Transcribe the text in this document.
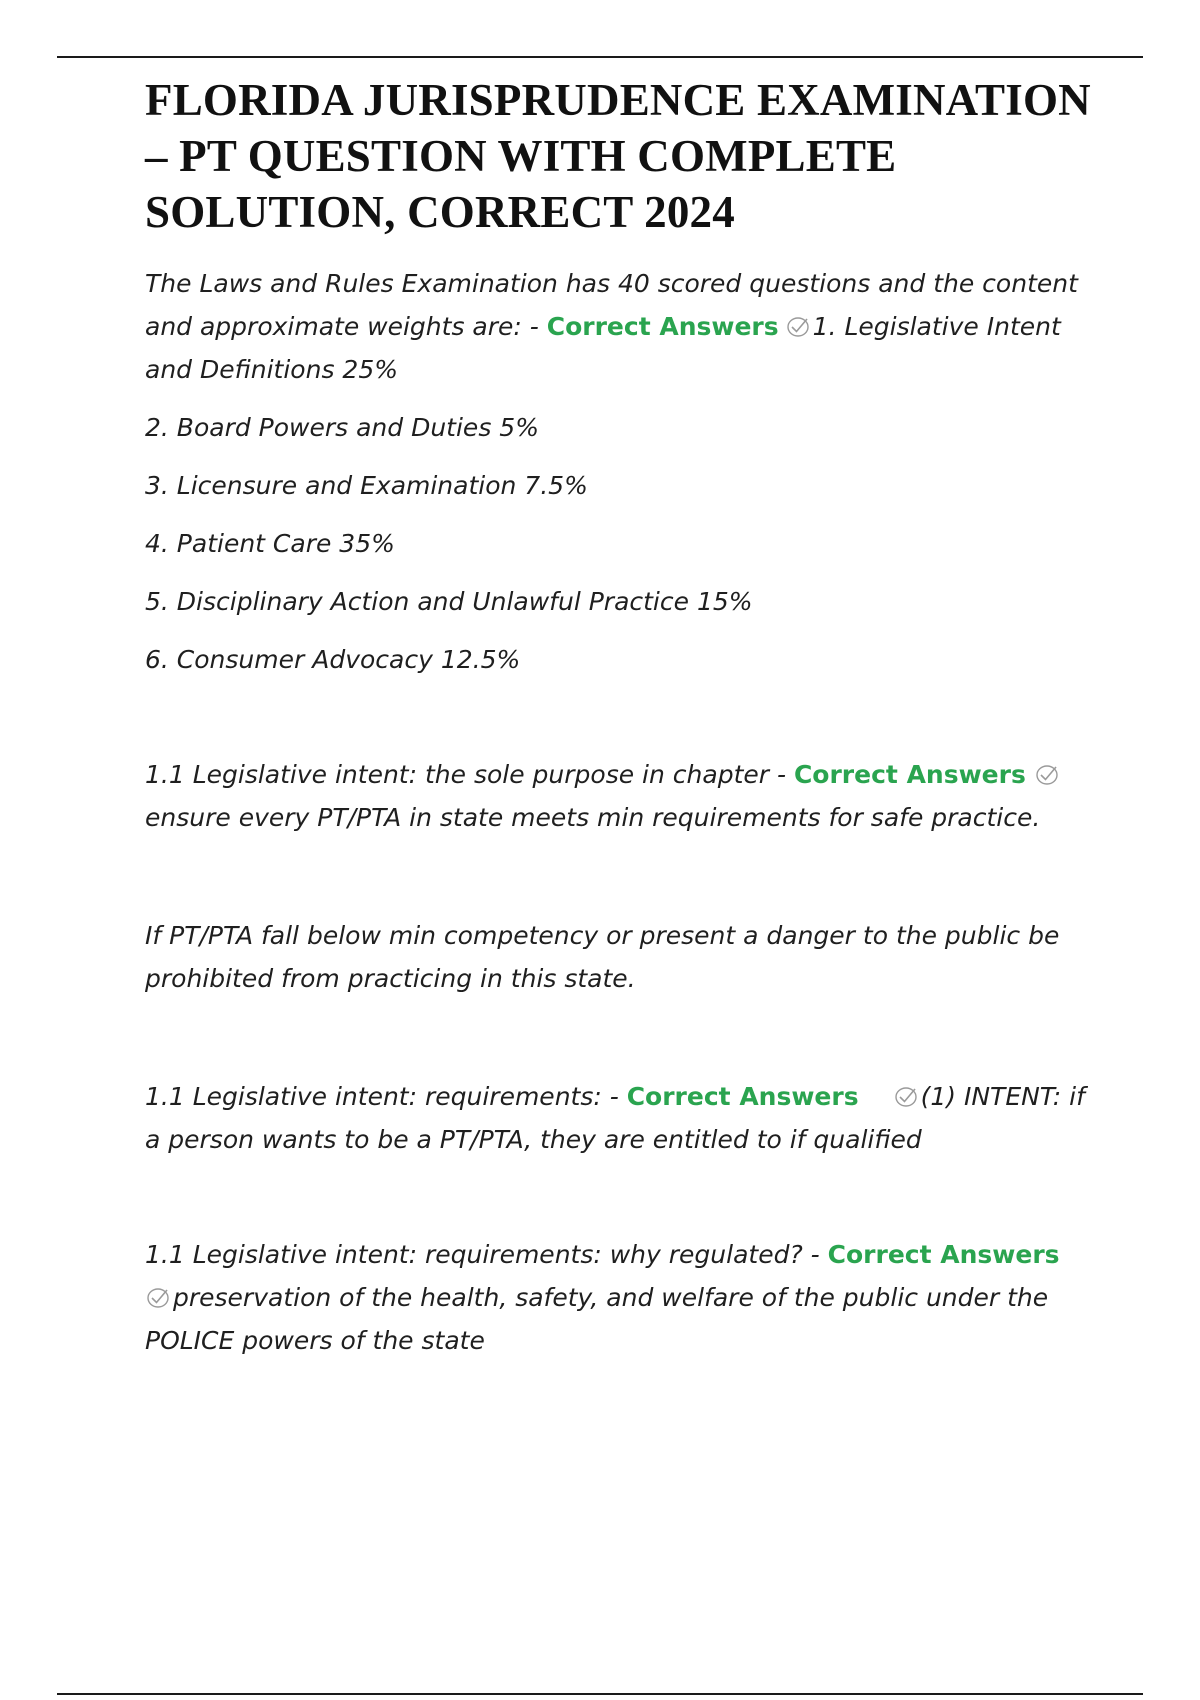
FLORIDA JURISPRUDENCE EXAMINATION – PT QUESTION WITH COMPLETE SOLUTION, CORRECT 2024

The Laws and Rules Examination has 40 scored questions and the content and approximate weights are: - Correct Answers 1. Legislative Intent and Definitions 25%

2. Board Powers and Duties 5%
3. Licensure and Examination 7.5%
4. Patient Care 35%
5. Disciplinary Action and Unlawful Practice 15%
6. Consumer Advocacy 12.5%

1.1 Legislative intent: the sole purpose in chapter - Correct Answers
ensure every PT/PTA in state meets min requirements for safe practice.

If PT/PTA fall below min competency or present a danger to the public be prohibited from practicing in this state.

1.1 Legislative intent: requirements: - Correct Answers (1) INTENT: if a person wants to be a PT/PTA, they are entitled to if qualified

1.1 Legislative intent: requirements: why regulated? - Correct Answers
preservation of the health, safety, and welfare of the public under the POLICE powers of the state
